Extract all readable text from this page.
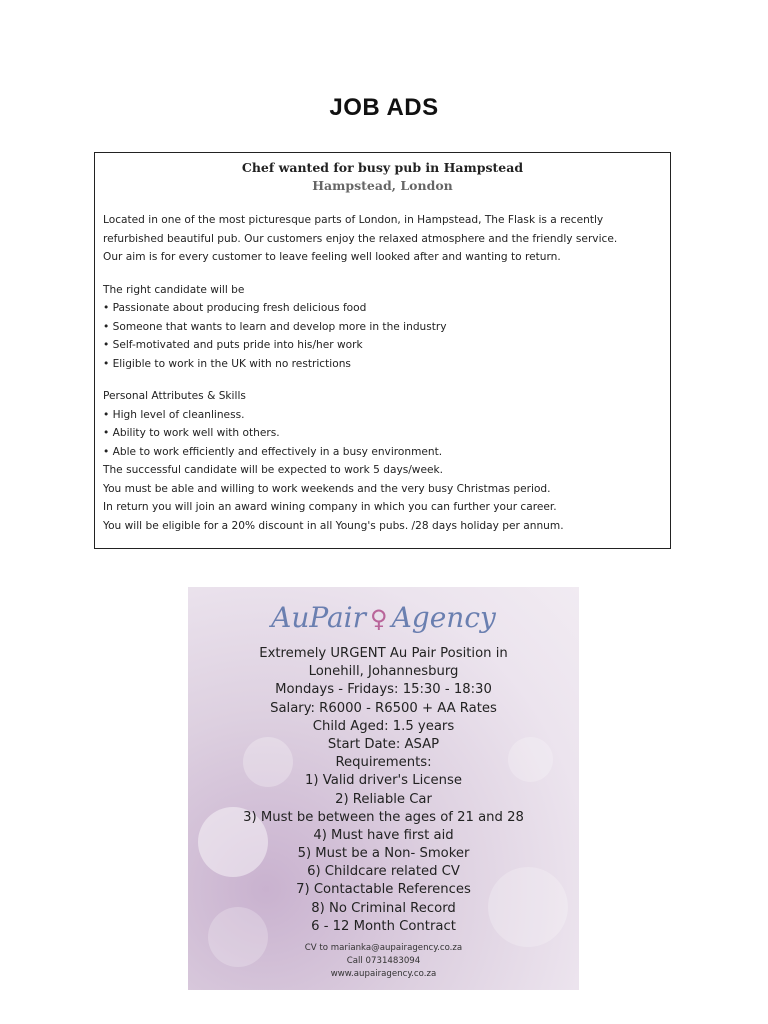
JOB ADS
Chef wanted for busy pub in Hampstead
Hampstead, London
Located in one of the most picturesque parts of London, in Hampstead, The Flask is a recently
refurbished beautiful pub. Our customers enjoy the relaxed atmosphere and the friendly service.
Our aim is for every customer to leave feeling well looked after and wanting to return.
The right candidate will be
• Passionate about producing fresh delicious food
• Someone that wants to learn and develop more in the industry
• Self-motivated and puts pride into his/her work
• Eligible to work in the UK with no restrictions
Personal Attributes & Skills
• High level of cleanliness.
• Ability to work well with others.
• Able to work efficiently and effectively in a busy environment.
The successful candidate will be expected to work 5 days/week.
You must be able and willing to work weekends and the very busy Christmas period.
In return you will join an award wining company in which you can further your career.
You will be eligible for a 20% discount in all Young's pubs. /28 days holiday per annum.
AuPair ♀ Agency
Extremely URGENT Au Pair Position in
Lonehill, Johannesburg
Mondays - Fridays: 15:30 - 18:30
Salary: R6000 - R6500 + AA Rates
Child Aged: 1.5 years
Start Date: ASAP
Requirements:
1) Valid driver's License
2) Reliable Car
3) Must be between the ages of 21 and 28
4) Must have first aid
5) Must be a Non- Smoker
6) Childcare related CV
7) Contactable References
8) No Criminal Record
6 - 12 Month Contract
CV to marianka@aupairagency.co.za
Call 0731483094
www.aupairagency.co.za
